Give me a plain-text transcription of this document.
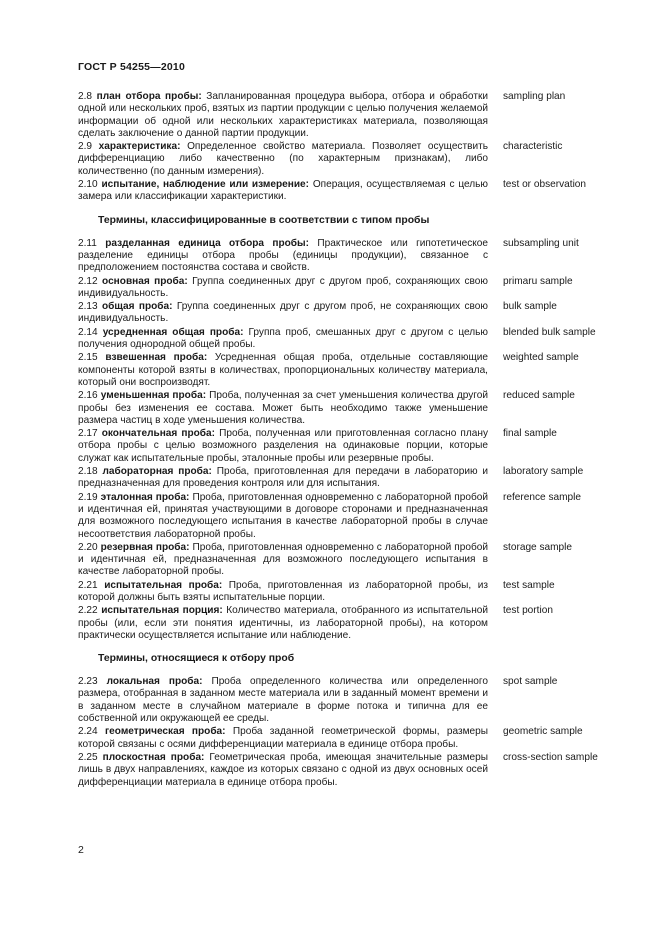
ГОСТ Р 54255—2010
2.8 план отбора пробы: Запланированная процедура выбора, отбора и обработки одной или нескольких проб, взятых из партии продукции с целью получения желаемой информации об одной или нескольких характеристиках материала, позволяющая сделать заключение о данной партии продукции.
sampling plan
2.9 характеристика: Определенное свойство материала. Позволяет осуществить дифференциацию либо качественно (по характерным признакам), либо количественно (по данным измерения).
characteristic
2.10 испытание, наблюдение или измерение: Операция, осуществляемая с целью замера или классификации характеристики.
test or observation
Термины, классифицированные в соответствии с типом пробы
2.11 разделанная единица отбора пробы: Практическое или гипотетическое разделение единицы отбора пробы (единицы продукции), связанное с предположением постоянства состава и свойств.
subsampling unit
2.12 основная проба: Группа соединенных друг с другом проб, сохраняющих свою индивидуальность.
primaru sample
2.13 общая проба: Группа соединенных друг с другом проб, не сохраняющих свою индивидуальность.
bulk sample
2.14 усредненная общая проба: Группа проб, смешанных друг с другом с целью получения однородной общей пробы.
blended bulk sample
2.15 взвешенная проба: Усредненная общая проба, отдельные составляющие компоненты которой взяты в количествах, пропорциональных количеству материала, который они воспроизводят.
weighted sample
2.16 уменьшенная проба: Проба, полученная за счет уменьшения количества другой пробы без изменения ее состава. Может быть необходимо также уменьшение размера частиц в ходе уменьшения количества.
reduced sample
2.17 окончательная проба: Проба, полученная или приготовленная согласно плану отбора пробы с целью возможного разделения на одинаковые порции, которые служат как испытательные пробы, эталонные пробы или резервные пробы.
final sample
2.18 лабораторная проба: Проба, приготовленная для передачи в лабораторию и предназначенная для проведения контроля или для испытания.
laboratory sample
2.19 эталонная проба: Проба, приготовленная одновременно с лабораторной пробой и идентичная ей, принятая участвующими в договоре сторонами и предназначенная для возможного последующего испытания в качестве лабораторной пробы в случае несоответствия лабораторной пробы.
reference sample
2.20 резервная проба: Проба, приготовленная одновременно с лабораторной пробой и идентичная ей, предназначенная для возможного последующего испытания в качестве лабораторной пробы.
storage sample
2.21 испытательная проба: Проба, приготовленная из лабораторной пробы, из которой должны быть взяты испытательные порции.
test sample
2.22 испытательная порция: Количество материала, отобранного из испытательной пробы (или, если эти понятия идентичны, из лабораторной пробы), на котором практически осуществляется испытание или наблюдение.
test portion
Термины, относящиеся к отбору проб
2.23 локальная проба: Проба определенного количества или определенного размера, отобранная в заданном месте материала или в заданный момент времени и в заданном месте в случайном материале в форме потока и типична для ее собственной или окружающей ее среды.
spot sample
2.24 геометрическая проба: Проба заданной геометрической формы, размеры которой связаны с осями дифференциации материала в единице отбора пробы.
geometric sample
2.25 плоскостная проба: Геометрическая проба, имеющая значительные размеры лишь в двух направлениях, каждое из которых связано с одной из двух основных осей дифференциации материала в единице отбора пробы.
cross-section sample
2
